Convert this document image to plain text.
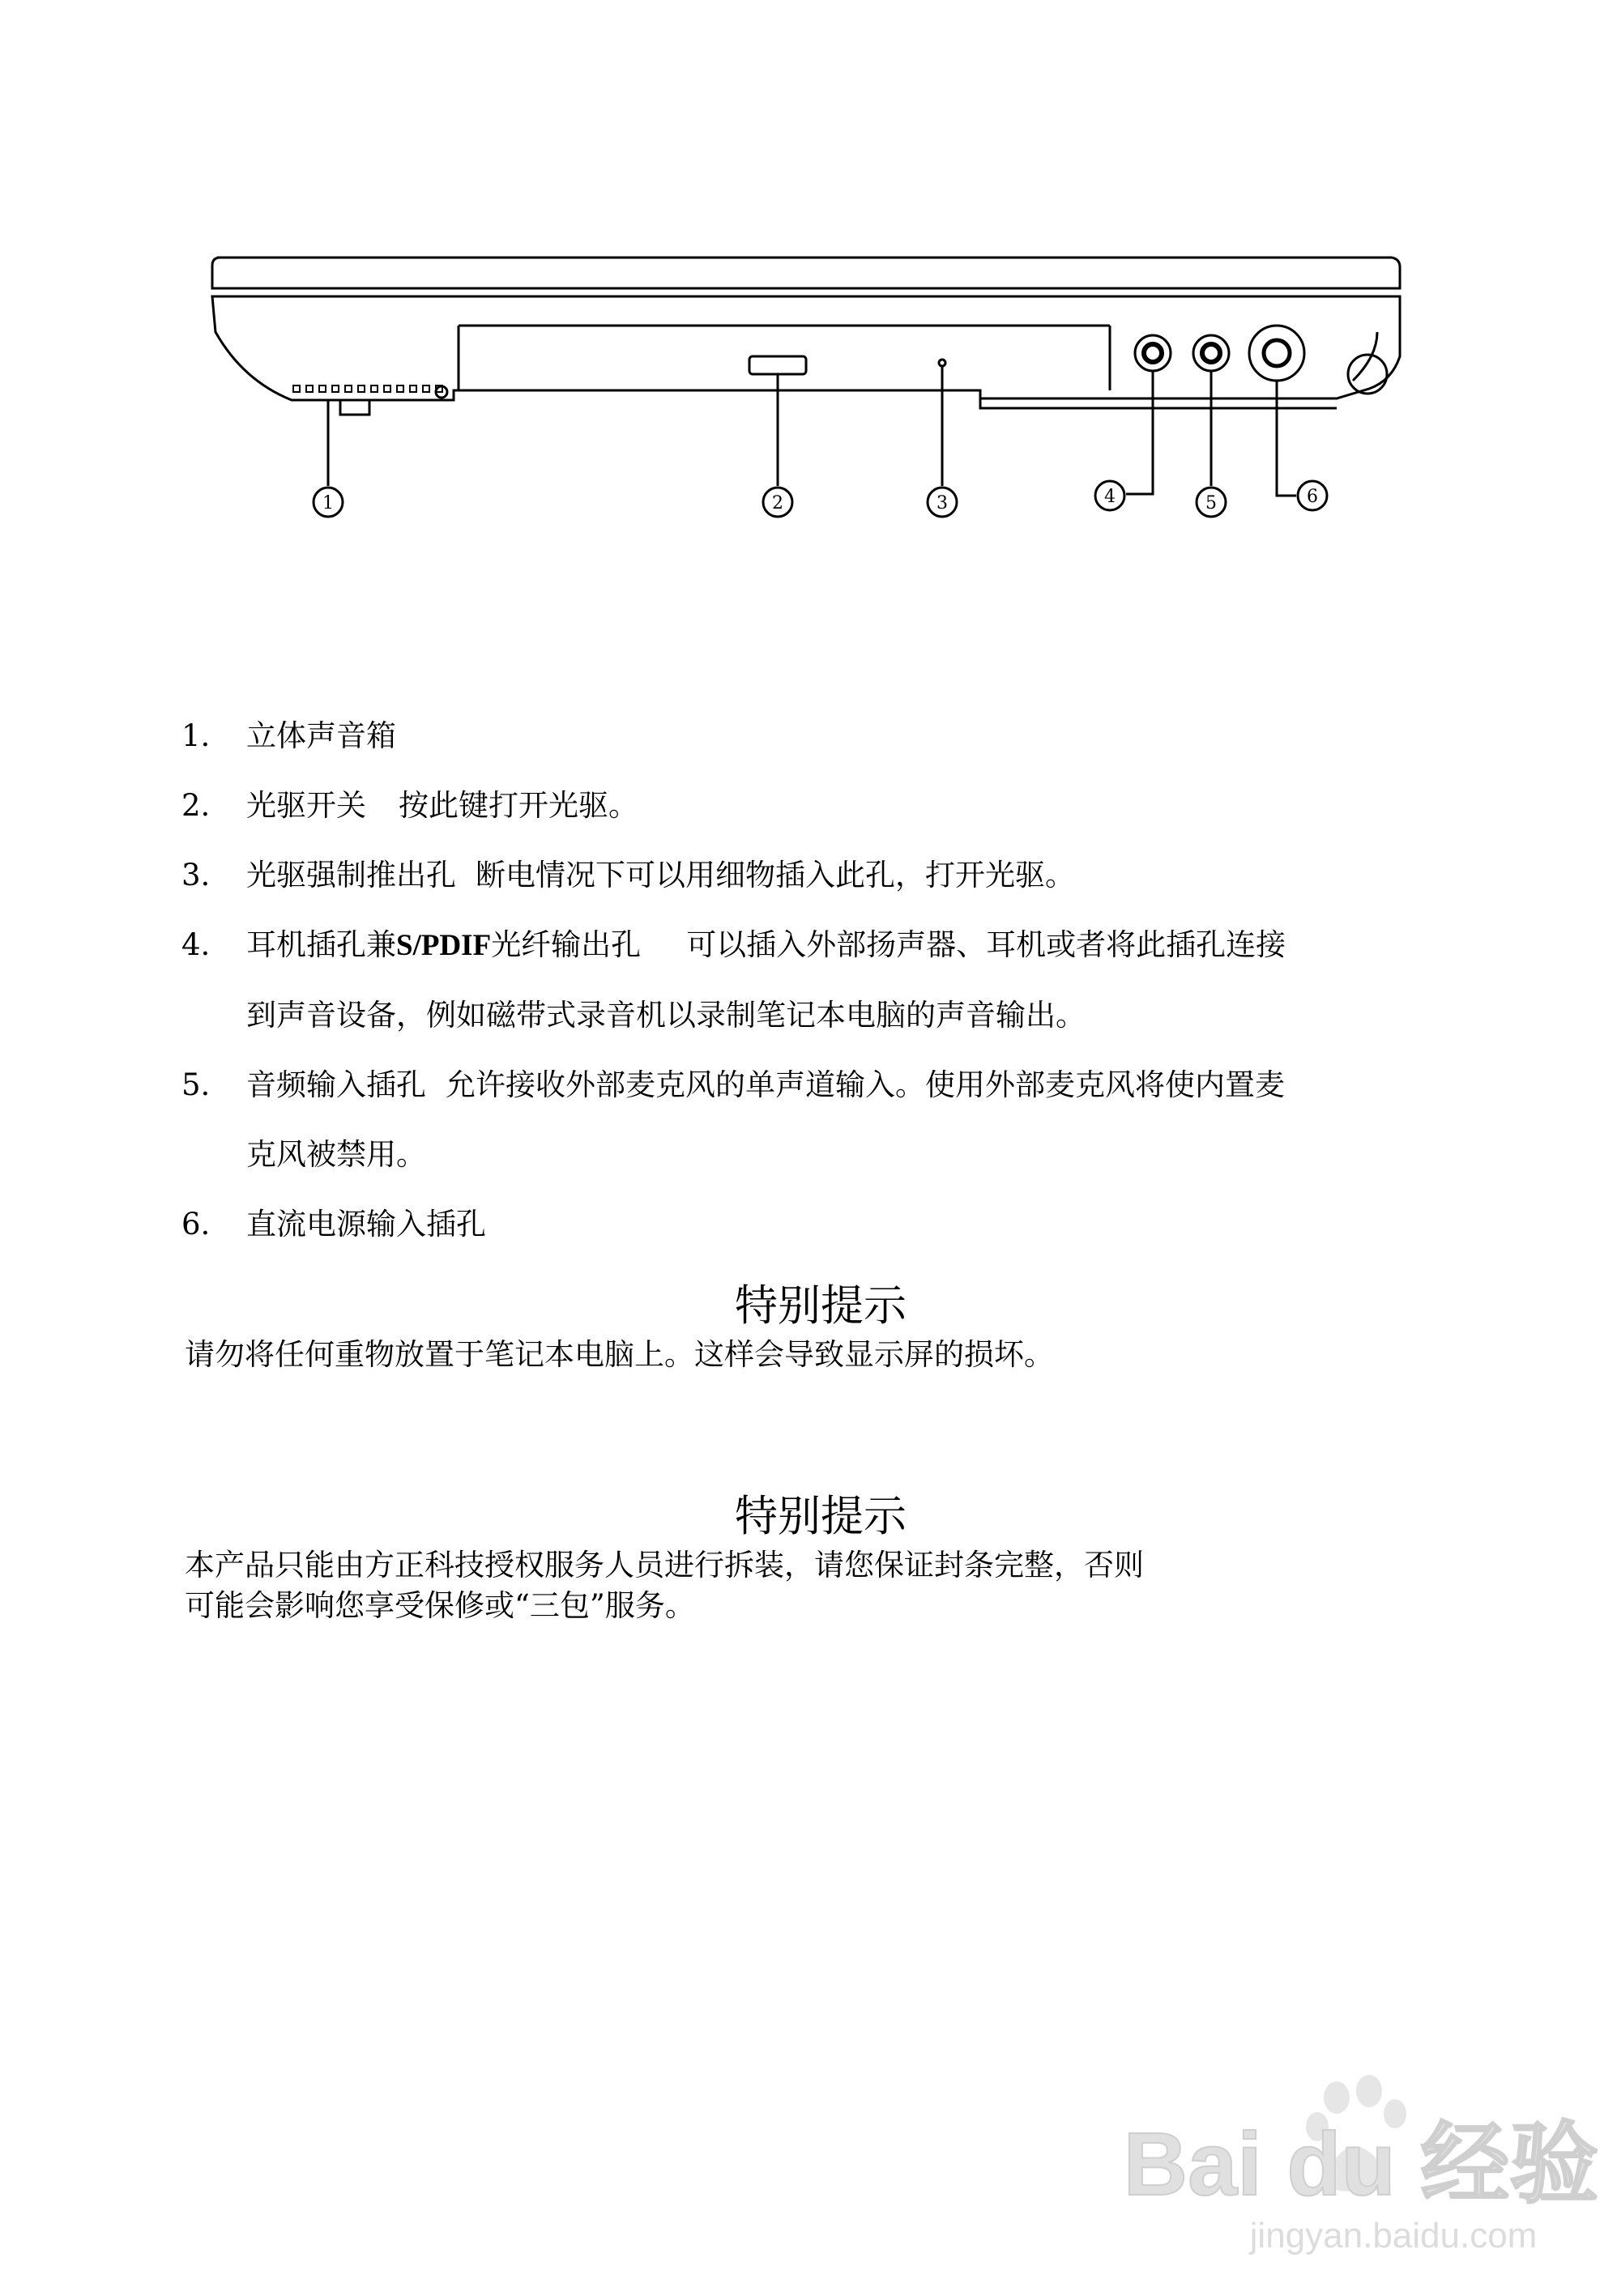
1	2	3	4	5	6
1.	立体声音箱
2.	光驱开关 按此键打开光驱。
3.	光驱强制推出孔 断电情况下可以用细物插入此孔，打开光驱。
4.	耳机插孔兼S/PDIF光纤输出孔 可以插入外部扬声器、耳机或者将此插孔连接
到声音设备，例如磁带式录音机以录制笔记本电脑的声音输出。
5.	音频输入插孔 允许接收外部麦克风的单声道输入。使用外部麦克风将使内置麦
克风被禁用。
6.	直流电源输入插孔
特别提示
请勿将任何重物放置于笔记本电脑上。这样会导致显示屏的损坏。
特别提示
本产品只能由方正科技授权服务人员进行拆装，请您保证封条完整，否则
可能会影响您享受保修或“三包”服务。
Bai du 经验
jingyan.baidu.com
